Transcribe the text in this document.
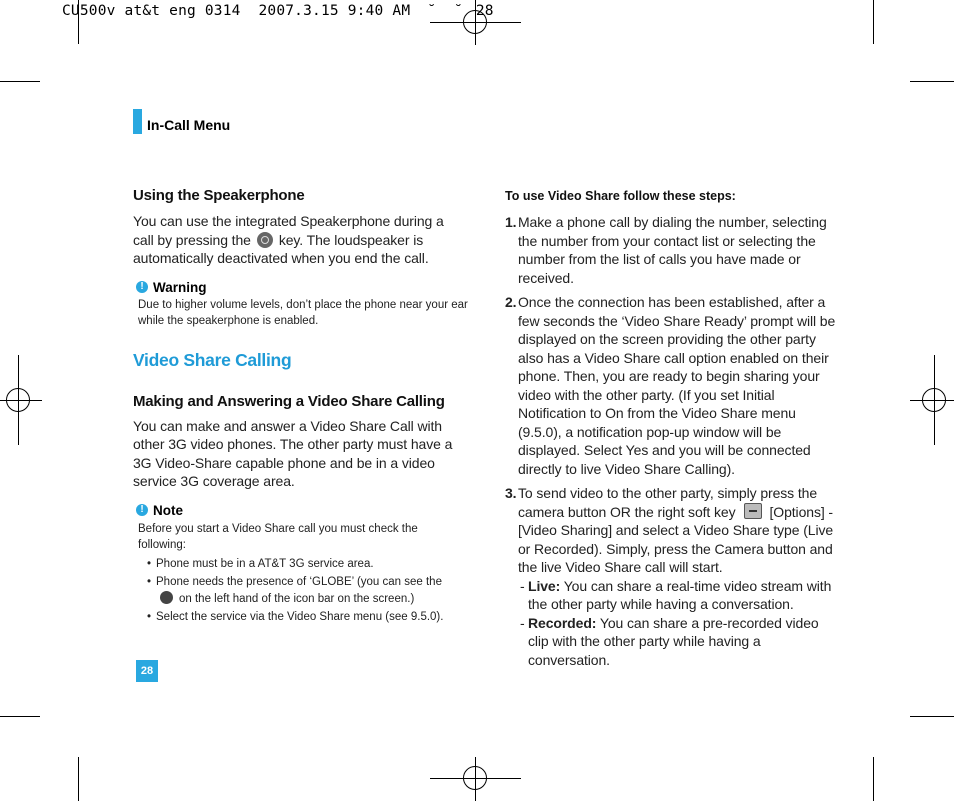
CU500v at&t eng 0314  2007.3.15 9:40 AM ˘  ˘ 28
In-Call Menu
Using the Speakerphone
You can use the integrated Speakerphone during a call by pressing the key. The loudspeaker is automatically deactivated when you end the call.
! Warning
Due to higher volume levels, don’t place the phone near your ear while the speakerphone is enabled.
Video Share Calling
Making and Answering a Video Share Calling
You can make and answer a Video Share Call with other 3G video phones. The other party must have a 3G Video-Share capable phone and be in a video service 3G coverage area.
! Note
Before you start a Video Share call you must check the following:
• Phone must be in a AT&T 3G service area.
• Phone needs the presence of ‘GLOBE’ (you can see the
on the left hand of the icon bar on the screen.)
• Select the service via the Video Share menu (see 9.5.0).
28
To use Video Share follow these steps:
1. Make a phone call by dialing the number, selecting the number from your contact list or selecting the number from the list of calls you have made or received.
2. Once the connection has been established, after a few seconds the ‘Video Share Ready’ prompt will be displayed on the screen providing the other party also has a Video Share call option enabled on their phone. Then, you are ready to begin sharing your video with the other party. (If you set Initial Notification to On from the Video Share menu (9.5.0), a notification pop-up window will be displayed. Select Yes and you will be connected directly to live Video Share Calling).
3. To send video to the other party, simply press the camera button OR the right soft key [Options] - [Video Sharing] and select a Video Share type (Live or Recorded). Simply, press the Camera button and the live Video Share call will start.
- Live: You can share a real-time video stream with the other party while having a conversation.
- Recorded: You can share a pre-recorded video clip with the other party while having a conversation.
